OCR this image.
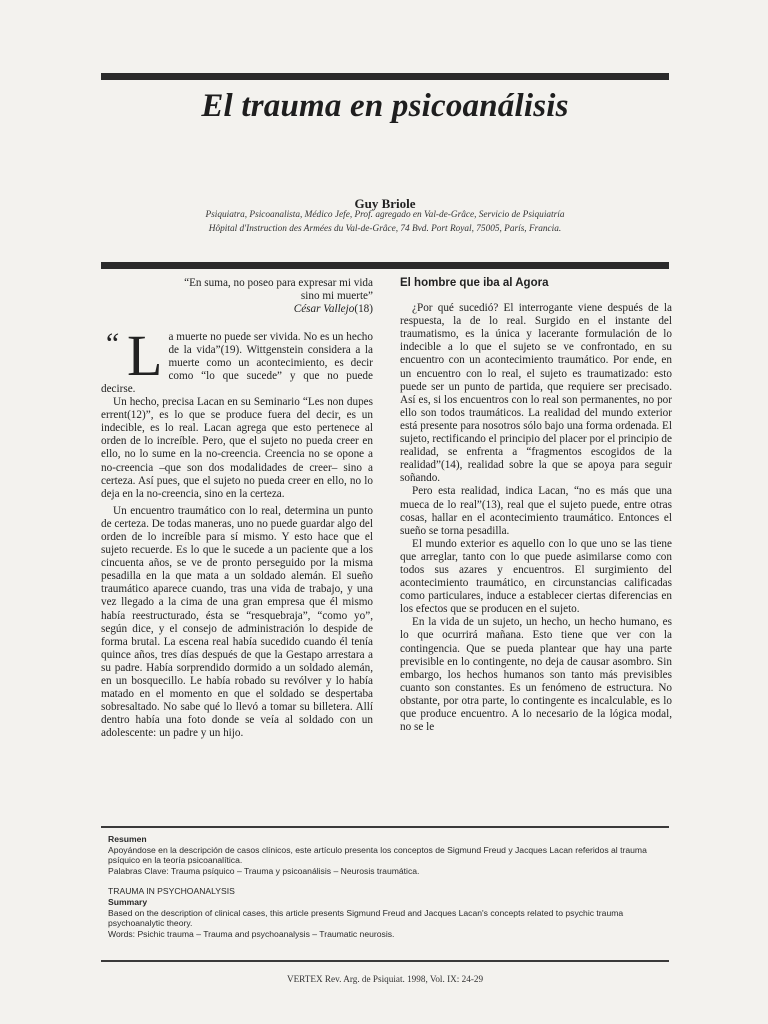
El trauma en psicoanálisis
Guy Briole
Psiquiatra, Psicoanalista, Médico Jefe, Prof. agregado en Val-de-Grâce, Servicio de Psiquiatría
Hôpital d'Instruction des Armées du Val-de-Grâce, 74 Bvd. Port Royal, 75005, París, Francia.
“En suma, no poseo para expresar mi vida
sino mi muerte”
César Vallejo(18)
“ L a muerte no puede ser vivida. No es un hecho de la vida”(19). Wittgenstein considera a la muerte como un acontecimiento, es decir como “lo que sucede” y que no puede decirse.

Un hecho, precisa Lacan en su Seminario “Les non dupes errent(12)”, es lo que se produce fuera del decir, es un indecible, es lo real. Lacan agrega que esto pertenece al orden de lo increíble. Pero, que el sujeto no pueda creer en ello, no lo sume en la no-creencia. Creencia no se opone a no-creencia –que son dos modalidades de creer– sino a certeza. Así pues, que el sujeto no pueda creer en ello, no lo deja en la no-creencia, sino en la certeza.

Un encuentro traumático con lo real, determina un punto de certeza. De todas maneras, uno no puede guardar algo del orden de lo increíble para sí mismo. Y esto hace que el sujeto recuerde. Es lo que le sucede a un paciente que a los cincuenta años, se ve de pronto perseguido por la misma pesadilla en la que mata a un soldado alemán. El sueño traumático aparece cuando, tras una vida de trabajo, y una vez llegado a la cima de una gran empresa que él mismo había reestructurado, ésta se “resquebraja”, “como yo”, según dice, y el consejo de administración lo despide de forma brutal. La escena real había sucedido cuando él tenía quince años, tres días después de que la Gestapo arrestara a su padre. Había sorprendido dormido a un soldado alemán, en un bosquecillo. Le había robado su revólver y lo había matado en el momento en que el soldado se despertaba sobresaltado. No sabe qué lo llevó a tomar su billetera. Allí dentro había una foto donde se veía al soldado con un adolescente: un padre y un hijo.

El hombre que iba al Agora

¿Por qué sucedió? El interrogante viene después de la respuesta, la de lo real. Surgido en el instante del traumatismo, es la única y lacerante formulación de lo indecible a lo que el sujeto se ve confrontado, en su encuentro con un acontecimiento traumático. Por ende, en un encuentro con lo real, el sujeto es traumatizado: esto puede ser un punto de partida, que requiere ser precisado. Así es, si los encuentros con lo real son permanentes, no por ello son todos traumáticos. La realidad del mundo exterior está presente para nosotros sólo bajo una forma ordenada. El sujeto, rectificando el principio del placer por el principio de realidad, se enfrenta a “fragmentos escogidos de la realidad”(14), realidad sobre la que se apoya para seguir soñando.

Pero esta realidad, indica Lacan, “no es más que una mueca de lo real”(13), real que el sujeto puede, entre otras cosas, hallar en el acontecimiento traumático. Entonces el sueño se torna pesadilla.

El mundo exterior es aquello con lo que uno se las tiene que arreglar, tanto con lo que puede asimilarse como con todos sus azares y encuentros. El surgimiento del acontecimiento traumático, en circunstancias calificadas como particulares, induce a establecer ciertas diferencias en los efectos que se producen en el sujeto.

En la vida de un sujeto, un hecho, un hecho humano, es lo que ocurrirá mañana. Esto tiene que ver con la contingencia. Que se pueda plantear que hay una parte previsible en lo contingente, no deja de causar asombro. Sin embargo, los hechos humanos son tanto más previsibles cuanto son constantes. Es un fenómeno de estructura. No obstante, por otra parte, lo contingente es incalculable, es lo que produce encuentro. A lo necesario de la lógica modal, no se le

Resumen
Apoyándose en la descripción de casos clínicos, este artículo presenta los conceptos de Sigmund Freud y Jacques Lacan referidos al trauma psíquico en la teoría psicoanalítica.
Palabras Clave: Trauma psíquico – Trauma y psicoanálisis – Neurosis traumática.
TRAUMA IN PSYCHOANALYSIS
Summary
Based on the description of clinical cases, this article presents Sigmund Freud and Jacques Lacan's concepts related to psychic trauma psychoanalytic theory.
Words: Psichic trauma – Trauma and psychoanalysis – Traumatic neurosis.
VERTEX Rev. Arg. de Psiquiat. 1998, Vol. IX: 24-29
